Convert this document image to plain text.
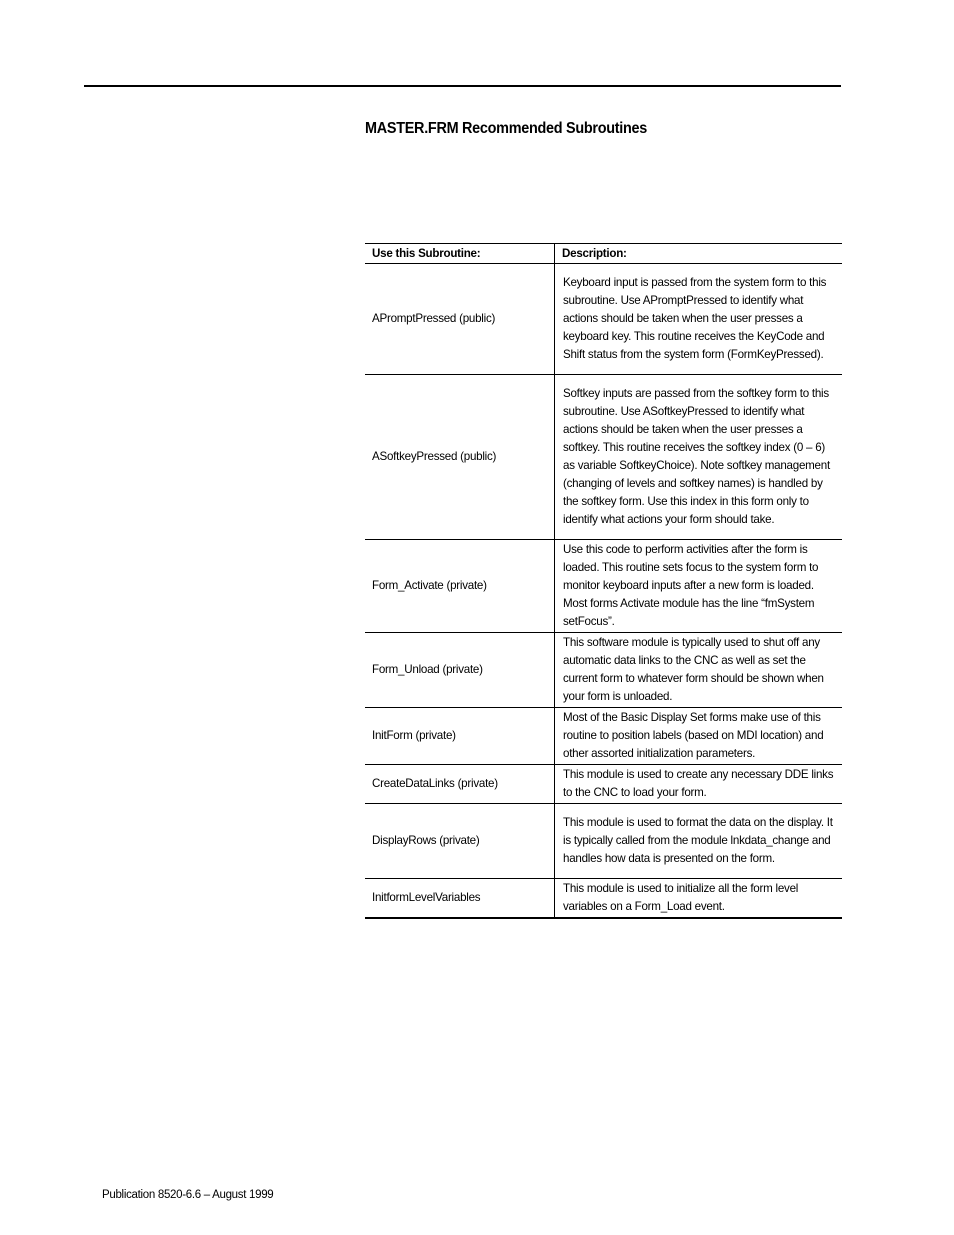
MASTER.FRM Recommended Subroutines
Use this Subroutine:	Description:
APromptPressed (public)	Keyboard input is passed from the system form to this subroutine. Use APromptPressed to identify what actions should be taken when the user presses a keyboard key. This routine receives the KeyCode and Shift status from the system form (FormKeyPressed).
ASoftkeyPressed (public)	Softkey inputs are passed from the softkey form to this subroutine. Use ASoftkeyPressed to identify what actions should be taken when the user presses a softkey. This routine receives the softkey index (0 – 6) as variable SoftkeyChoice). Note softkey management (changing of levels and softkey names) is handled by the softkey form. Use this index in this form only to identify what actions your form should take.
Form_Activate (private)	Use this code to perform activities after the form is loaded. This routine sets focus to the system form to monitor keyboard inputs after a new form is loaded. Most forms Activate module has the line “fmSystem setFocus”.
Form_Unload (private)	This software module is typically used to shut off any automatic data links to the CNC as well as set the current form to whatever form should be shown when your form is unloaded.
InitForm (private)	Most of the Basic Display Set forms make use of this routine to position labels (based on MDI location) and other assorted initialization parameters.
CreateDataLinks (private)	This module is used to create any necessary DDE links to the CNC to load your form.
DisplayRows (private)	This module is used to format the data on the display. It is typically called from the module lnkdata_change and handles how data is presented on the form.
InitformLevelVariables	This module is used to initialize all the form level variables on a Form_Load event.
Publication 8520-6.6 – August 1999
